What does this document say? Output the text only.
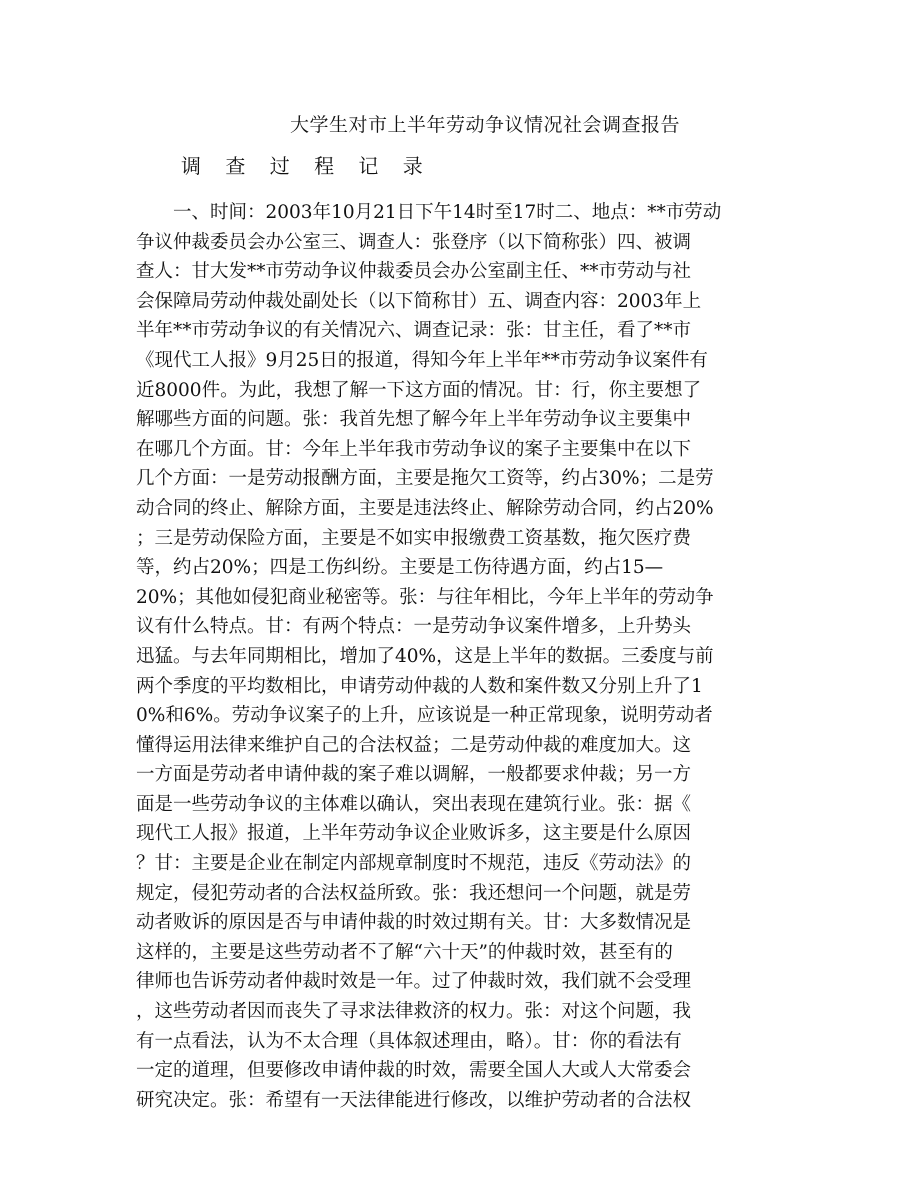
大学生对市上半年劳动争议情况社会调查报告
调 查 过 程 记 录
　　一、时间：2003年10月21日下午14时至17时二、地点：**市劳动
争议仲裁委员会办公室三、调查人：张登序（以下简称张）四、被调
查人：甘大发**市劳动争议仲裁委员会办公室副主任、**市劳动与社
会保障局劳动仲裁处副处长（以下简称甘）五、调查内容：2003年上
半年**市劳动争议的有关情况六、调查记录：张：甘主任，看了**市
《现代工人报》9月25日的报道，得知今年上半年**市劳动争议案件有
近8000件。为此，我想了解一下这方面的情况。甘：行，你主要想了
解哪些方面的问题。张：我首先想了解今年上半年劳动争议主要集中
在哪几个方面。甘：今年上半年我市劳动争议的案子主要集中在以下
几个方面：一是劳动报酬方面，主要是拖欠工资等，约占30%；二是劳
动合同的终止、解除方面，主要是违法终止、解除劳动合同，约占20%
；三是劳动保险方面，主要是不如实申报缴费工资基数，拖欠医疗费
等，约占20%；四是工伤纠纷。主要是工伤待遇方面，约占15—
20%；其他如侵犯商业秘密等。张：与往年相比，今年上半年的劳动争
议有什么特点。甘：有两个特点：一是劳动争议案件增多，上升势头
迅猛。与去年同期相比，增加了40%，这是上半年的数据。三委度与前
两个季度的平均数相比，申请劳动仲裁的人数和案件数又分别上升了1
0%和6%。劳动争议案子的上升，应该说是一种正常现象，说明劳动者
懂得运用法律来维护自己的合法权益；二是劳动仲裁的难度加大。这
一方面是劳动者申请仲裁的案子难以调解，一般都要求仲裁；另一方
面是一些劳动争议的主体难以确认，突出表现在建筑行业。张：据《
现代工人报》报道，上半年劳动争议企业败诉多，这主要是什么原因
？甘：主要是企业在制定内部规章制度时不规范，违反《劳动法》的
规定，侵犯劳动者的合法权益所致。张：我还想问一个问题，就是劳
动者败诉的原因是否与申请仲裁的时效过期有关。甘：大多数情况是
这样的，主要是这些劳动者不了解“六十天”的仲裁时效，甚至有的
律师也告诉劳动者仲裁时效是一年。过了仲裁时效，我们就不会受理
，这些劳动者因而丧失了寻求法律救济的权力。张：对这个问题，我
有一点看法，认为不太合理（具体叙述理由，略）。甘：你的看法有
一定的道理，但要修改申请仲裁的时效，需要全国人大或人大常委会
研究决定。张：希望有一天法律能进行修改，以维护劳动者的合法权
